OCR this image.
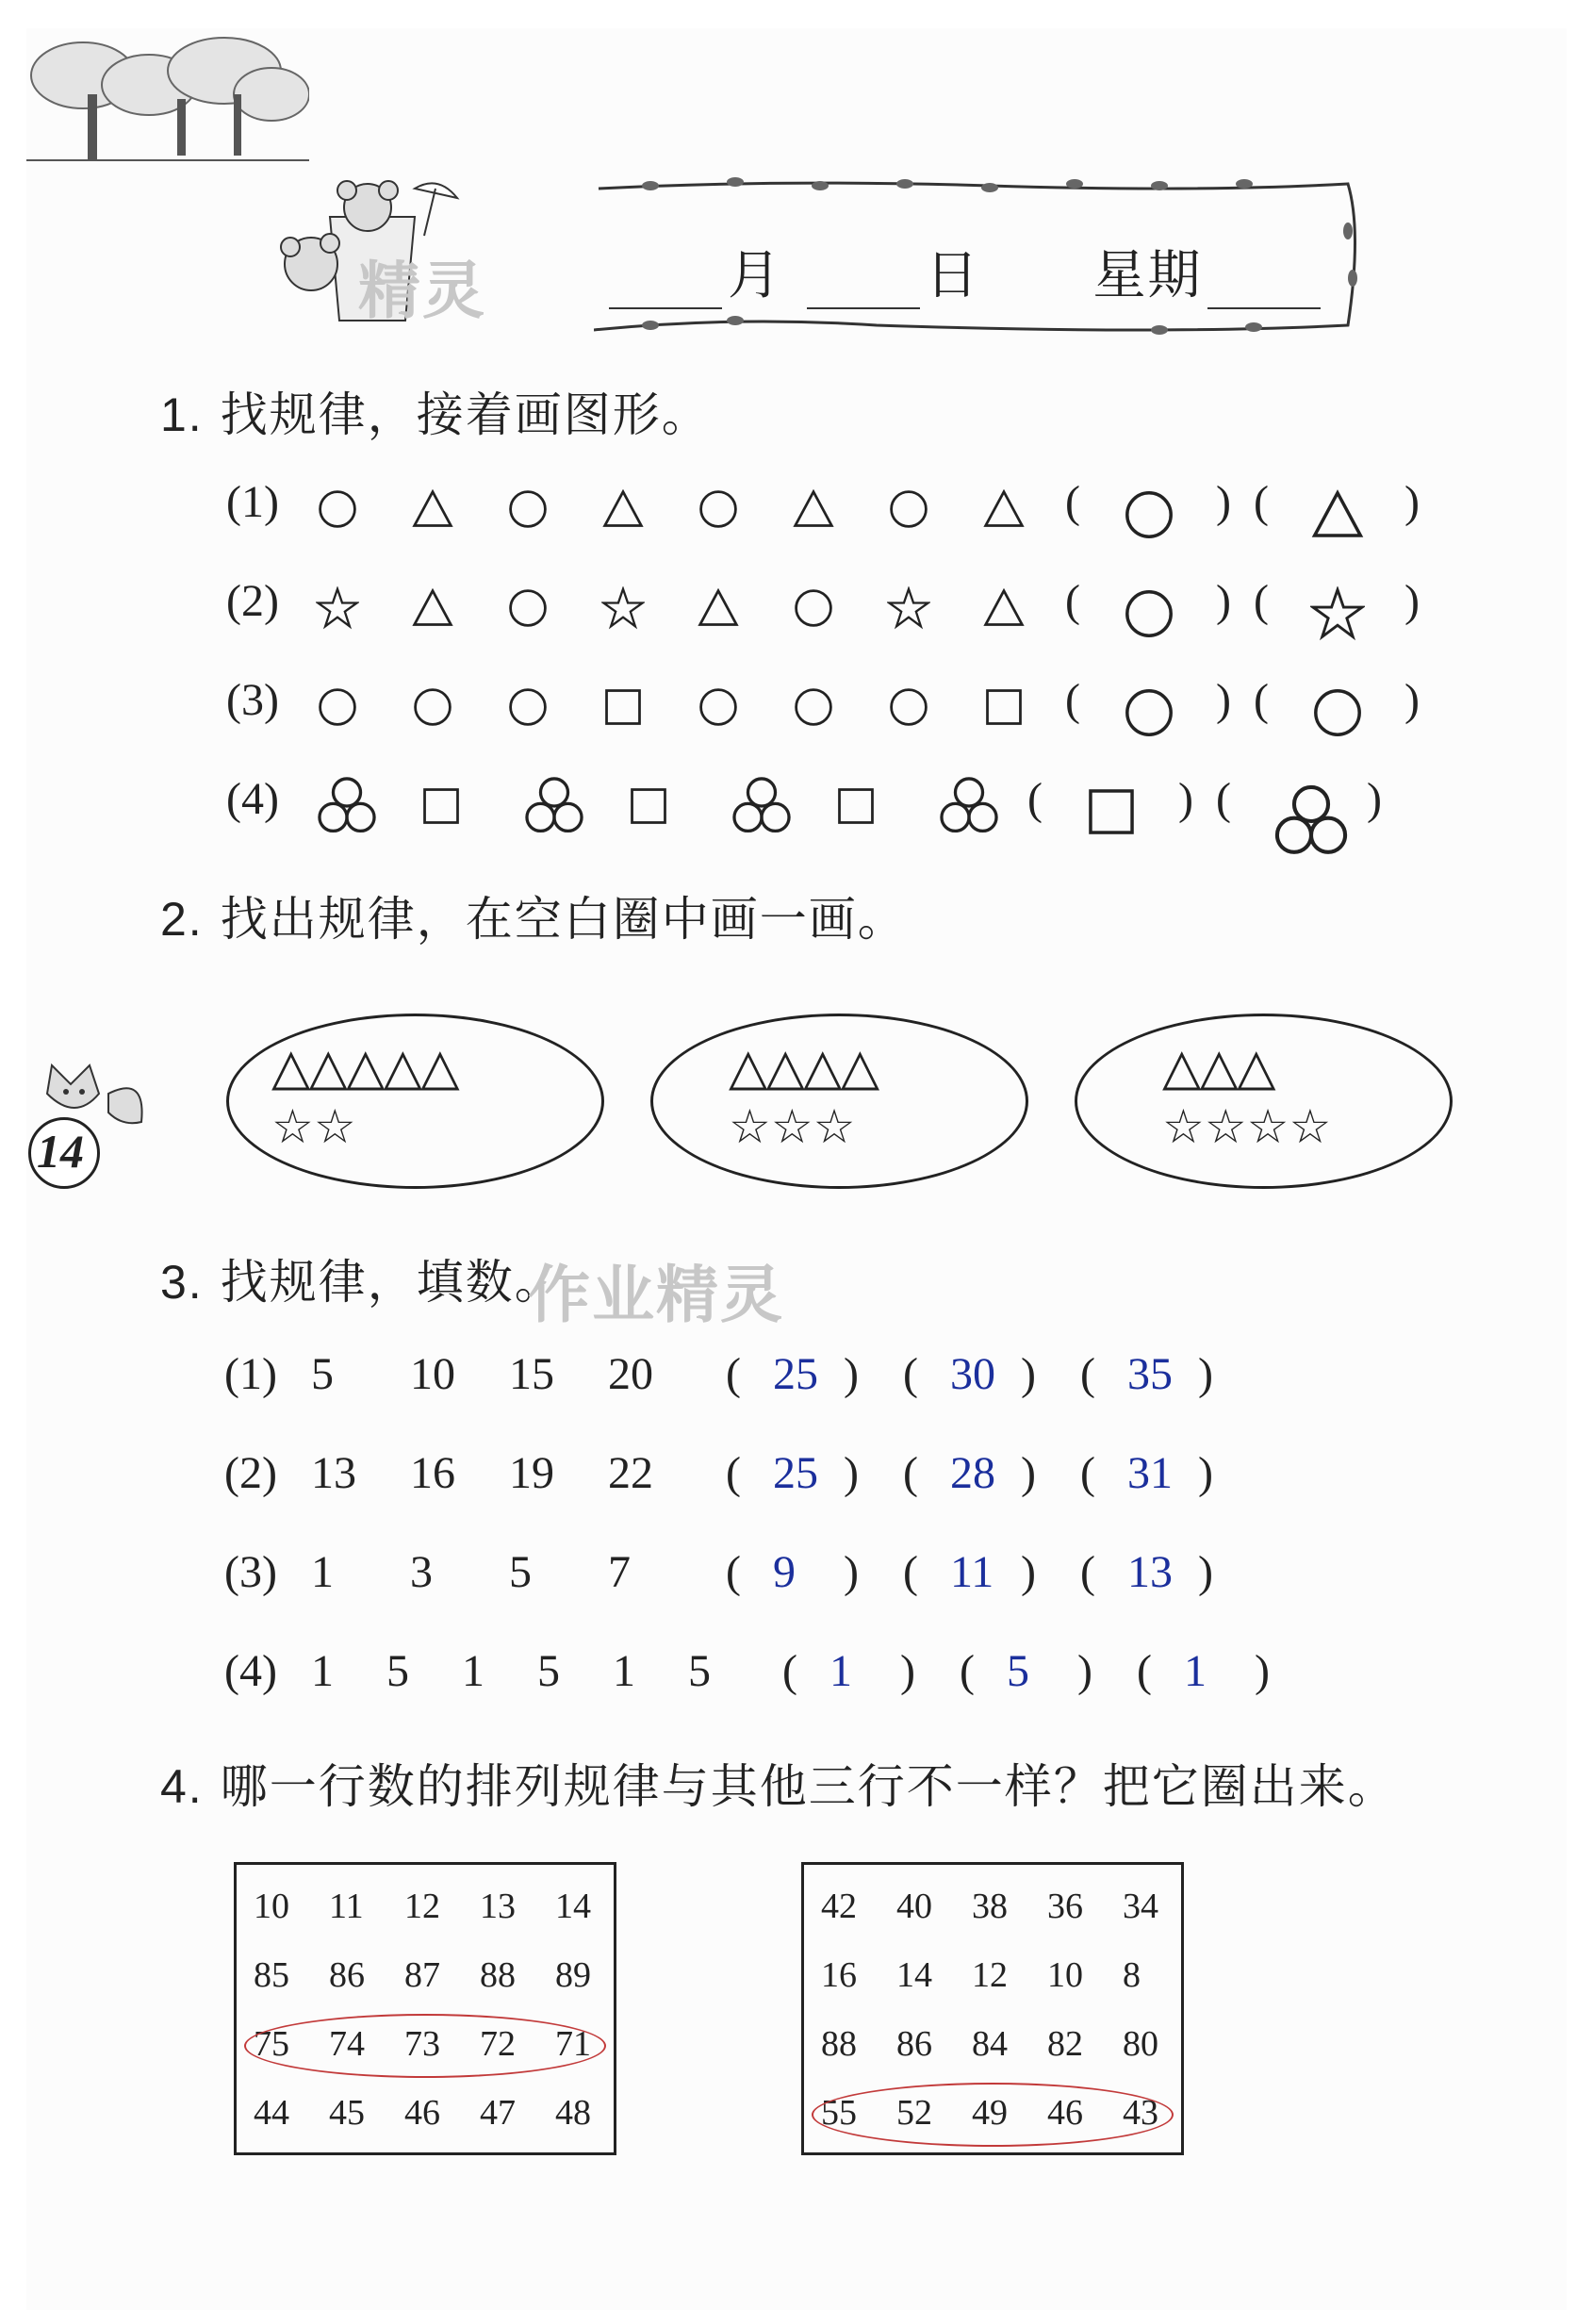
精灵	月	日 星期
1. 找规律，接着画图形。
(1)	(	) (	)
(2)	(	) (	)
(3)	(	) (	)
(4)	(	) (	)
2. 找出规律，在空白圈中画一画。
△△△△△
☆☆
△△△△
☆☆☆
△△△
☆☆☆☆
14
3. 找规律，填数。
作业精灵
(1) 5 10 15 20 ( 25 ) ( 30 ) ( 35 )
(2) 13 16 19 22 ( 25 ) ( 28 ) ( 31 )
(3) 1 3 5 7 ( 9 ) ( 11 ) ( 13 )
(4) 1 5 1 5 1 5 ( 1 ) ( 5 ) ( 1 )
4. 哪一行数的排列规律与其他三行不一样？把它圈出来。
10 11 12 13 14
85 86 87 88 89
75 74 73 72 71
44 45 46 47 48
42 40 38 36 34
16 14 12 10 8
88 86 84 82 80
55 52 49 46 43
